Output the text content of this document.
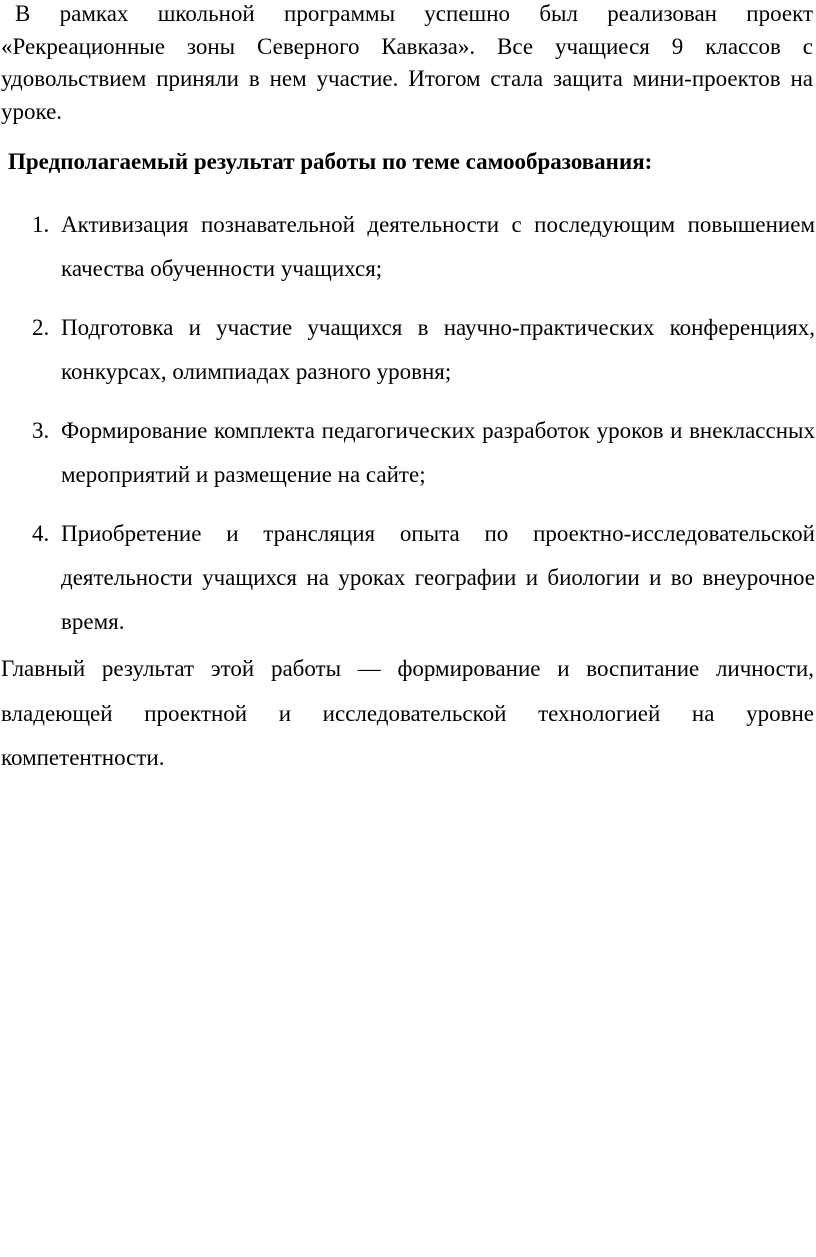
В рамках школьной программы успешно был реализован проект «Рекреационные зоны Северного Кавказа». Все учащиеся 9 классов с удовольствием приняли в нем участие. Итогом стала защита мини-проектов на уроке.

Предполагаемый результат работы по теме самообразования:

1. Активизация познавательной деятельности с последующим повышением качества обученности учащихся;
2. Подготовка и участие учащихся в научно-практических конференциях, конкурсах, олимпиадах разного уровня;
3. Формирование комплекта педагогических разработок уроков и внеклассных мероприятий и размещение на сайте;
4. Приобретение и трансляция опыта по проектно-исследовательской деятельности учащихся на уроках географии и биологии и во внеурочное время.

Главный результат этой работы — формирование и воспитание личности, владеющей проектной и исследовательской технологией на уровне компетентности.
